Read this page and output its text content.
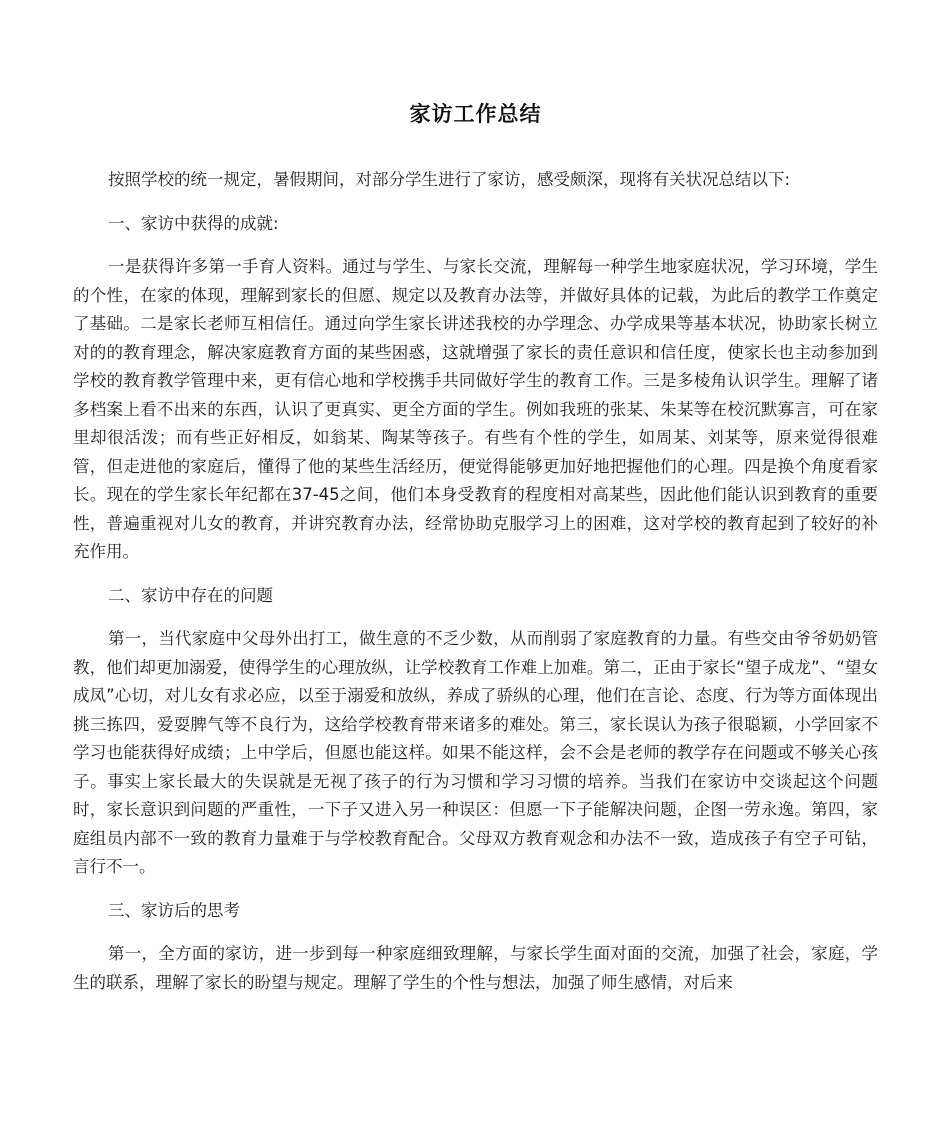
家访工作总结

按照学校的统一规定，暑假期间，对部分学生进行了家访，感受颇深，现将有关状况总结以下:

一、家访中获得的成就:

一是获得许多第一手育人资料。通过与学生、与家长交流，理解每一种学生地家庭状况，学习环境，学生的个性，在家的体现，理解到家长的但愿、规定以及教育办法等，并做好具体的记载，为此后的教学工作奠定了基础。二是家长老师互相信任。通过向学生家长讲述我校的办学理念、办学成果等基本状况，协助家长树立对的的教育理念，解决家庭教育方面的某些困惑，这就增强了家长的责任意识和信任度，使家长也主动参加到学校的教育教学管理中来，更有信心地和学校携手共同做好学生的教育工作。三是多棱角认识学生。理解了诸多档案上看不出来的东西，认识了更真实、更全方面的学生。例如我班的张某、朱某等在校沉默寡言，可在家里却很活泼；而有些正好相反，如翁某、陶某等孩子。有些有个性的学生，如周某、刘某等，原来觉得很难管，但走进他的家庭后，懂得了他的某些生活经历，便觉得能够更加好地把握他们的心理。四是换个角度看家长。现在的学生家长年纪都在37-45之间，他们本身受教育的程度相对高某些，因此他们能认识到教育的重要性，普遍重视对儿女的教育，并讲究教育办法，经常协助克服学习上的困难，这对学校的教育起到了较好的补充作用。

二、家访中存在的问题

第一，当代家庭中父母外出打工，做生意的不乏少数，从而削弱了家庭教育的力量。有些交由爷爷奶奶管教，他们却更加溺爱，使得学生的心理放纵，让学校教育工作难上加难。第二，正由于家长“望子成龙”、“望女成凤”心切，对儿女有求必应，以至于溺爱和放纵，养成了骄纵的心理，他们在言论、态度、行为等方面体现出挑三拣四，爱耍脾气等不良行为，这给学校教育带来诸多的难处。第三，家长误认为孩子很聪颖，小学回家不学习也能获得好成绩；上中学后，但愿也能这样。如果不能这样，会不会是老师的教学存在问题或不够关心孩子。事实上家长最大的失误就是无视了孩子的行为习惯和学习习惯的培养。当我们在家访中交谈起这个问题时，家长意识到问题的严重性，一下子又进入另一种误区：但愿一下子能解决问题，企图一劳永逸。第四，家庭组员内部不一致的教育力量难于与学校教育配合。父母双方教育观念和办法不一致，造成孩子有空子可钻，言行不一。

三、家访后的思考

第一，全方面的家访，进一步到每一种家庭细致理解，与家长学生面对面的交流，加强了社会，家庭，学生的联系，理解了家长的盼望与规定。理解了学生的个性与想法，加强了师生感情，对后来
